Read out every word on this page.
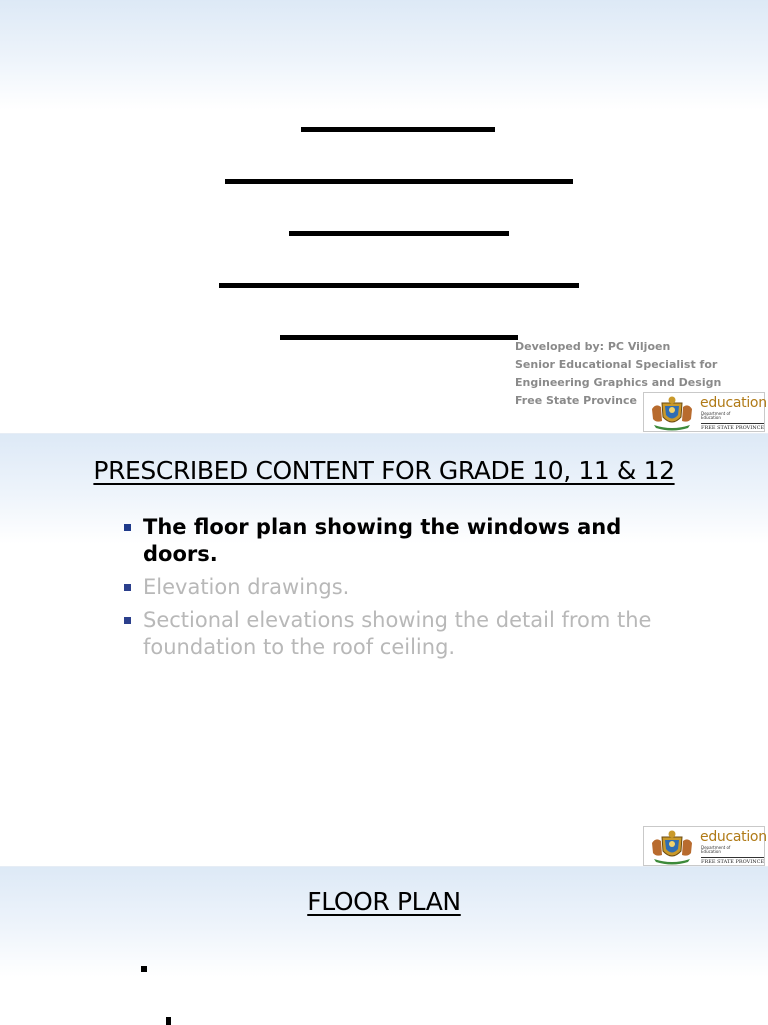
Developed by: PC Viljoen
Senior Educational Specialist for
Engineering Graphics and Design
Free State Province	education
Department of
Education
FREE STATE PROVINCE
PRESCRIBED CONTENT FOR GRADE 10, 11 & 12
The floor plan showing the windows and doors.
Elevation drawings.
Sectional elevations showing the detail from the foundation to the roof ceiling.
education
Department of
Education
FREE STATE PROVINCE
FLOOR PLAN
